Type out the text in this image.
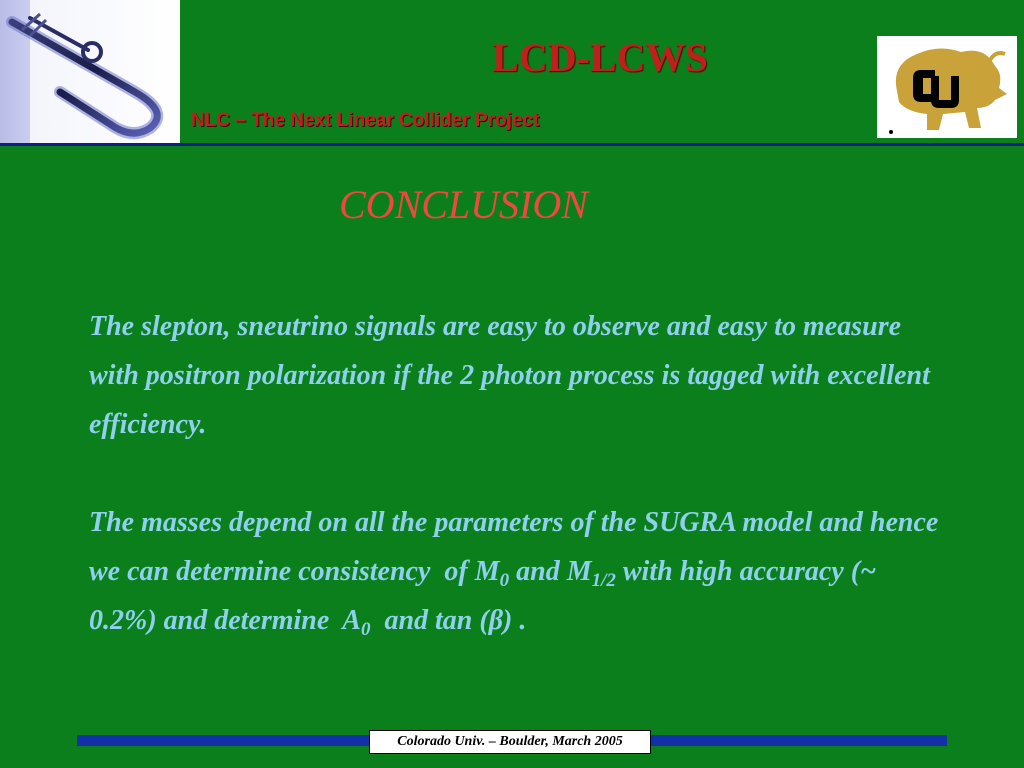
LCD-LCWS
NLC – The Next Linear Collider Project
CONCLUSION
The slepton, sneutrino signals are easy to observe and easy to measure with positron polarization if the 2 photon process is tagged with excellent efficiency.
The masses depend on all the parameters of the SUGRA model and hence we can determine consistency  of $M_0$ and $M_{1/2}$ with high accuracy (~ 0.2%) and determine  $A_0$  and tan (β) .
Colorado Univ. – Boulder, March 2005
